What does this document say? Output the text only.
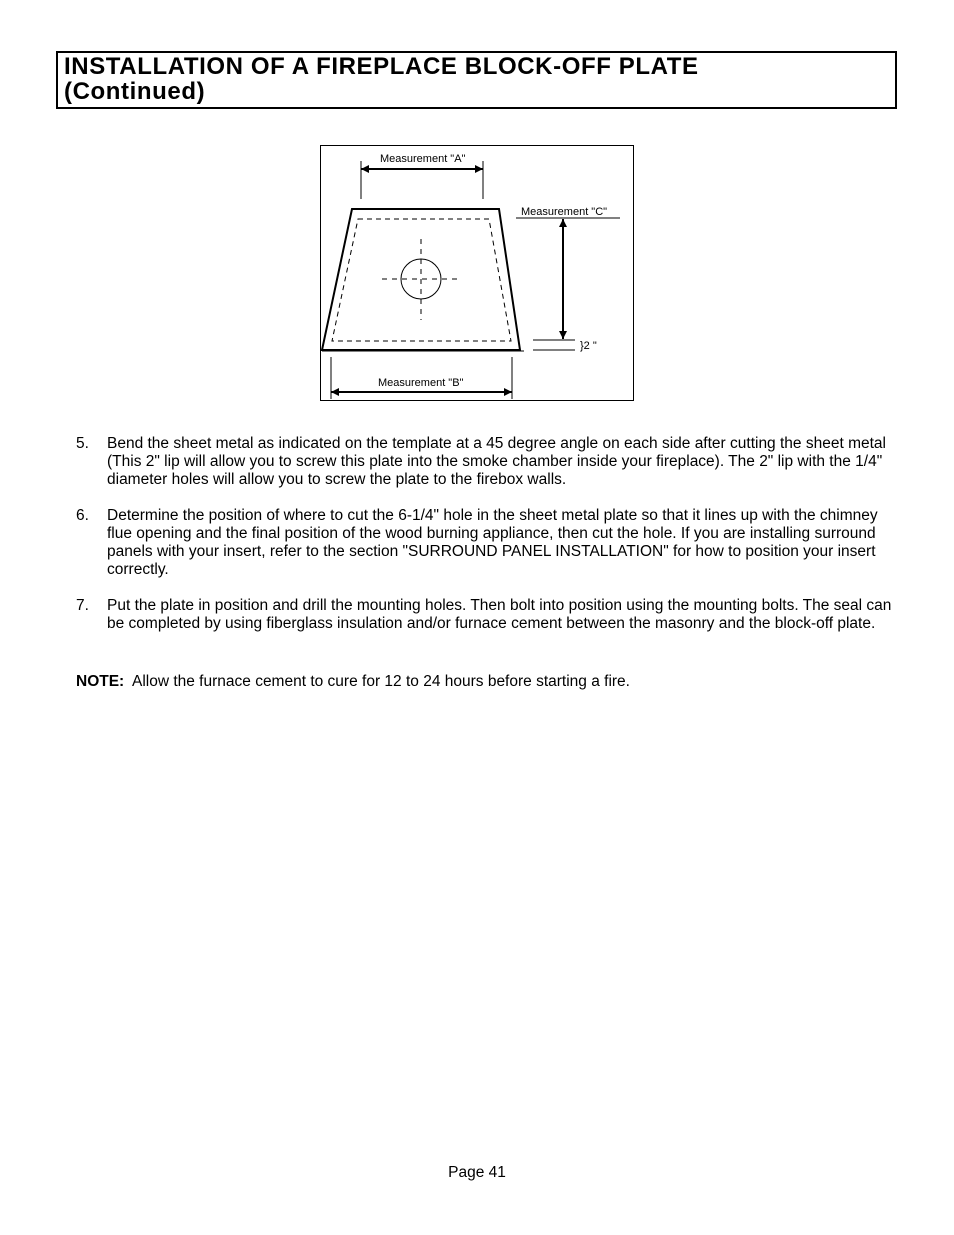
INSTALLATION OF A FIREPLACE BLOCK-OFF PLATE
(Continued)
Measurement "A"
Measurement "C"
}2 "
Measurement "B"
5. Bend the sheet metal as indicated on the template at a 45 degree angle on each side after cutting the sheet metal (This 2" lip will allow you to screw this plate into the smoke chamber inside your fireplace). The 2" lip with the 1/4" diameter holes will allow you to screw the plate to the firebox walls.
6. Determine the position of where to cut the 6-1/4" hole in the sheet metal plate so that it lines up with the chimney flue opening and the final position of the wood burning appliance, then cut the hole. If you are installing surround panels with your insert, refer to the section "SURROUND PANEL INSTALLATION" for how to position your insert correctly.
7. Put the plate in position and drill the mounting holes. Then bolt into position using the mounting bolts. The seal can be completed by using fiberglass insulation and/or furnace cement between the masonry and the block-off plate.

NOTE: Allow the furnace cement to cure for 12 to 24 hours before starting a fire.

Page 41
